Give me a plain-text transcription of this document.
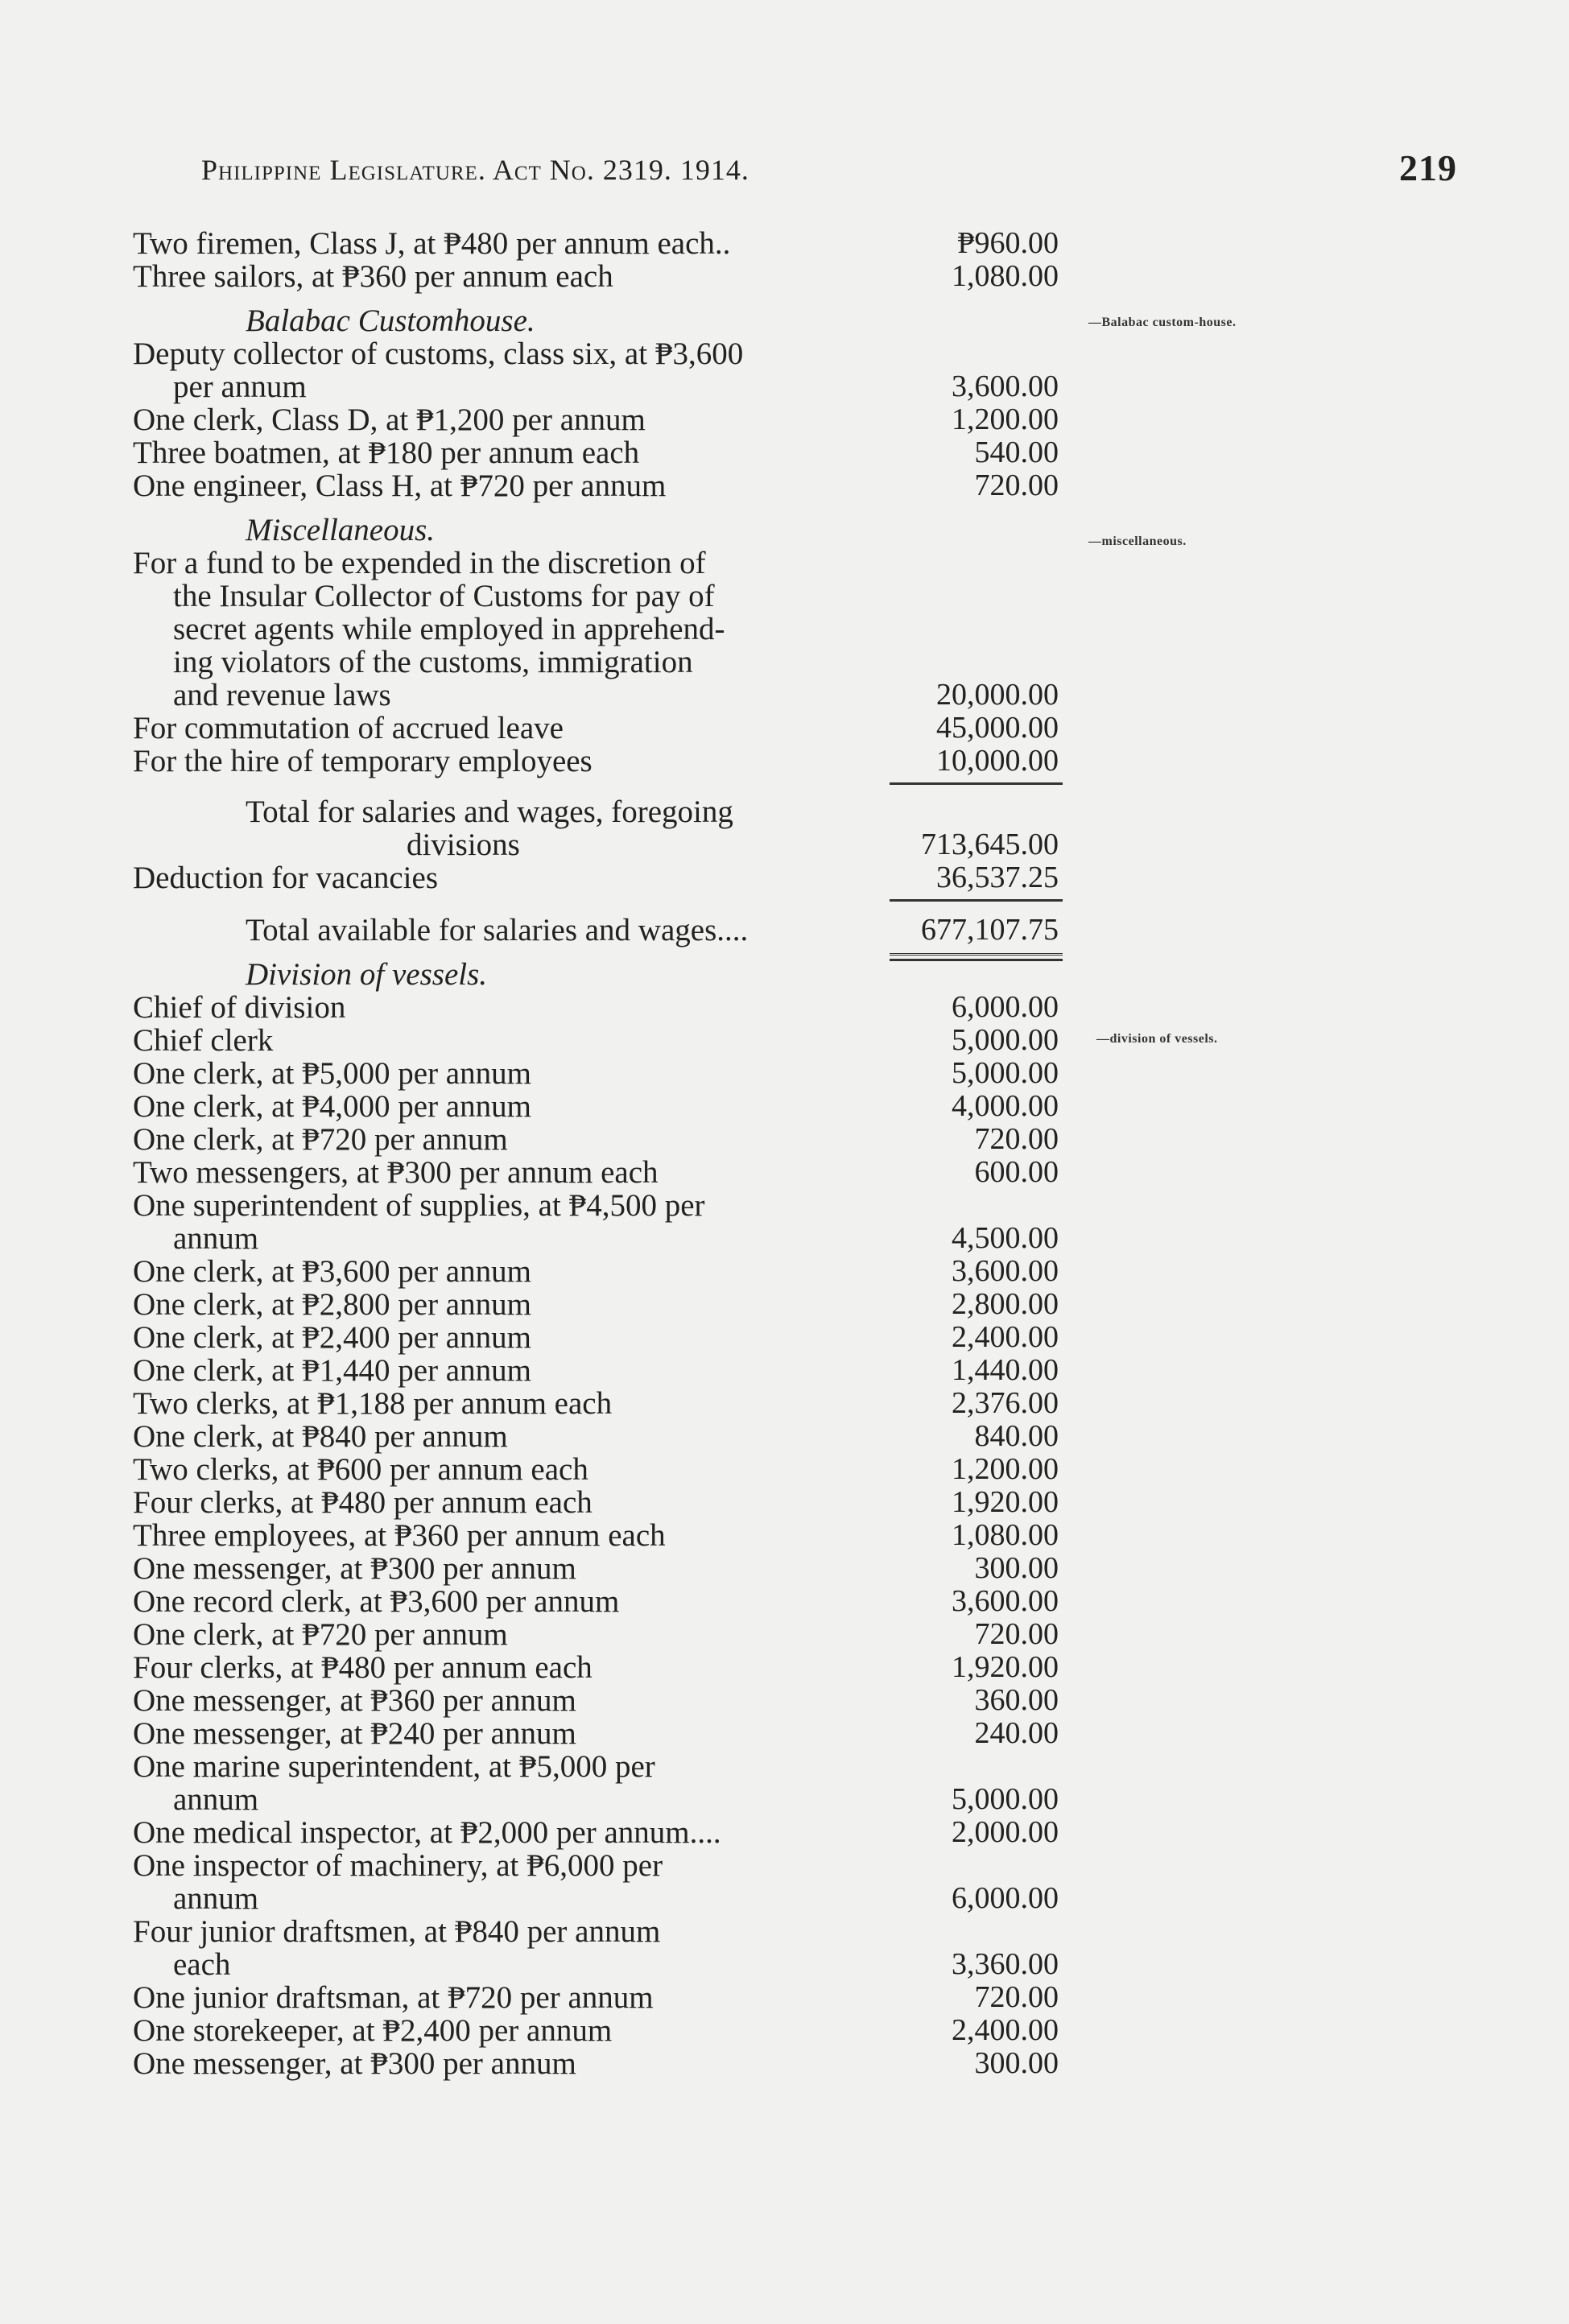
Philippine Legislature. Act No. 2319. 1914.	219
—Balabac custom-house.
—miscellaneous.
—division of vessels.
Two firemen, Class J, at ₱480 per annum each..	₱960.00
Three sailors, at ₱360 per annum each	1,080.00
Balabac Customhouse.
Deputy collector of customs, class six, at ₱3,600
per annum	3,600.00
One clerk, Class D, at ₱1,200 per annum	1,200.00
Three boatmen, at ₱180 per annum each	540.00
One engineer, Class H, at ₱720 per annum	720.00
Miscellaneous.
For a fund to be expended in the discretion of
the Insular Collector of Customs for pay of
secret agents while employed in apprehend-
ing violators of the customs, immigration
and revenue laws	20,000.00
For commutation of accrued leave	45,000.00
For the hire of temporary employees	10,000.00
Total for salaries and wages, foregoing
divisions	713,645.00
Deduction for vacancies	36,537.25
Total available for salaries and wages....	677,107.75
Division of vessels.
Chief of division	6,000.00
Chief clerk	5,000.00
One clerk, at ₱5,000 per annum	5,000.00
One clerk, at ₱4,000 per annum	4,000.00
One clerk, at ₱720 per annum	720.00
Two messengers, at ₱300 per annum each	600.00
One superintendent of supplies, at ₱4,500 per
annum	4,500.00
One clerk, at ₱3,600 per annum	3,600.00
One clerk, at ₱2,800 per annum	2,800.00
One clerk, at ₱2,400 per annum	2,400.00
One clerk, at ₱1,440 per annum	1,440.00
Two clerks, at ₱1,188 per annum each	2,376.00
One clerk, at ₱840 per annum	840.00
Two clerks, at ₱600 per annum each	1,200.00
Four clerks, at ₱480 per annum each	1,920.00
Three employees, at ₱360 per annum each	1,080.00
One messenger, at ₱300 per annum	300.00
One record clerk, at ₱3,600 per annum	3,600.00
One clerk, at ₱720 per annum	720.00
Four clerks, at ₱480 per annum each	1,920.00
One messenger, at ₱360 per annum	360.00
One messenger, at ₱240 per annum	240.00
One marine superintendent, at ₱5,000 per
annum	5,000.00
One medical inspector, at ₱2,000 per annum....	2,000.00
One inspector of machinery, at ₱6,000 per
annum	6,000.00
Four junior draftsmen, at ₱840 per annum
each	3,360.00
One junior draftsman, at ₱720 per annum	720.00
One storekeeper, at ₱2,400 per annum	2,400.00
One messenger, at ₱300 per annum	300.00
